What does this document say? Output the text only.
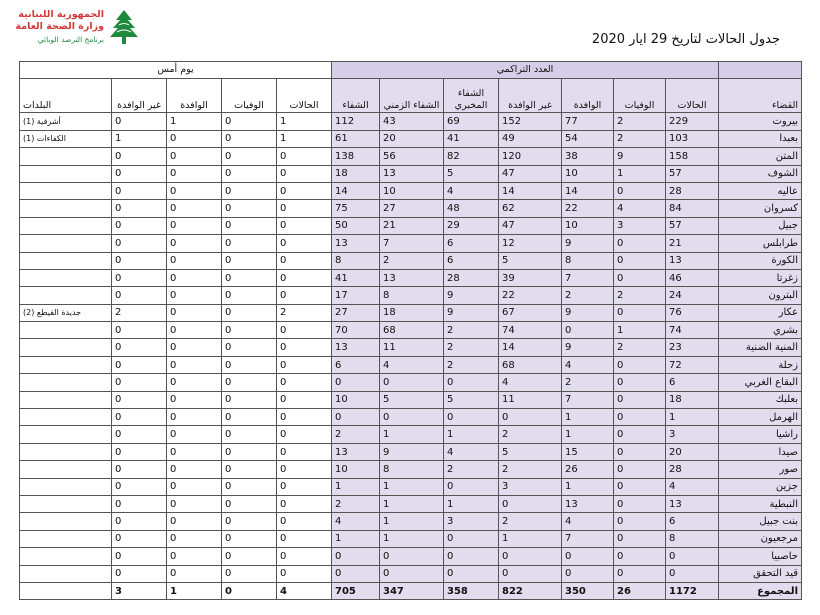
الجمهورية اللبنانية
وزارة الصحة العامة
برنامج الترصد الوبائي	جدول الحالات لتاريخ 29 ايار 2020
	العدد التراكمي							يوم أمس				
القضاء	الحالات	الوفيات	الوافدة	غير الوافدة	الشفاء المخبري	الشفاء الزمني	الشفاء	الحالات	الوفيات	الوافدة	غير الوافدة	البلدات
بيروت	229	2	77	152	69	43	112	1	0	1	0	أشرفية (1)
بعبدا	103	2	54	49	41	20	61	1	0	0	1	الكفاءات (1)
المتن	158	9	38	120	82	56	138	0	0	0	0	
الشوف	57	1	10	47	5	13	18	0	0	0	0	
عاليه	28	0	14	14	4	10	14	0	0	0	0	
كسروان	84	4	22	62	48	27	75	0	0	0	0	
جبيل	57	3	10	47	29	21	50	0	0	0	0	
طرابلس	21	0	9	12	6	7	13	0	0	0	0	
الكورة	13	0	8	5	6	2	8	0	0	0	0	
زغرتا	46	0	7	39	28	13	41	0	0	0	0	
البترون	24	2	2	22	9	8	17	0	0	0	0	
عكار	76	0	9	67	9	18	27	2	0	0	2	جديدة القيطع (2)
بشري	74	1	0	74	2	68	70	0	0	0	0	
المنية الضنية	23	2	9	14	2	11	13	0	0	0	0	
زحلة	72	0	4	68	2	4	6	0	0	0	0	
البقاع الغربي	6	0	2	4	0	0	0	0	0	0	0	
بعلبك	18	0	7	11	5	5	10	0	0	0	0	
الهرمل	1	0	1	0	0	0	0	0	0	0	0	
راشيا	3	0	1	2	1	1	2	0	0	0	0	
صيدا	20	0	15	5	4	9	13	0	0	0	0	
صور	28	0	26	2	2	8	10	0	0	0	0	
جزين	4	0	1	3	0	1	1	0	0	0	0	
النبطية	13	0	13	0	1	1	2	0	0	0	0	
بنت جبيل	6	0	4	2	3	1	4	0	0	0	0	
مرجعيون	8	0	7	1	0	1	1	0	0	0	0	
حاصبيا	0	0	0	0	0	0	0	0	0	0	0	
قيد التحقق	0	0	0	0	0	0	0	0	0	0	0	
المجموع	1172	26	350	822	358	347	705	4	0	1	3	
